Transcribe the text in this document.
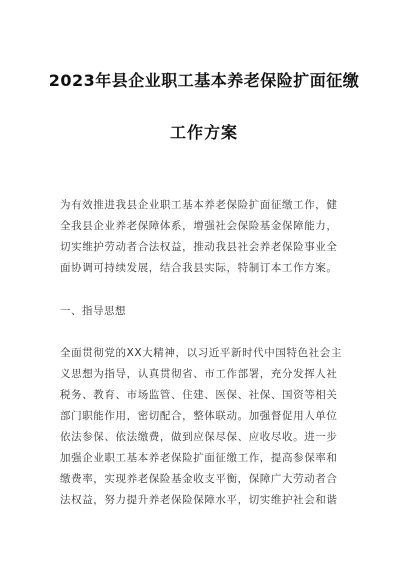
2023年县企业职工基本养老保险扩面征缴
工作方案
为有效推进我县企业职工基本养老保险扩面征缴工作，健
全我县企业养老保障体系，增强社会保险基金保障能力，
切实维护劳动者合法权益，推动我县社会养老保险事业全
面协调可持续发展，结合我县实际，特制订本工作方案。
一、指导思想
全面贯彻党的XX大精神，以习近平新时代中国特色社会主
义思想为指导，认真贯彻省、市工作部署，充分发挥人社
税务、教育、市场监管、住建、医保、社保、国资等相关
部门职能作用，密切配合，整体联动。加强督促用人单位
依法参保、依法缴费，做到应保尽保、应收尽收。进一步
加强企业职工基本养老保险扩面征缴工作，提高参保率和
缴费率，实现养老保险基金收支平衡，保障广大劳动者合
法权益，努力提升养老保险保障水平，切实维护社会和谐
